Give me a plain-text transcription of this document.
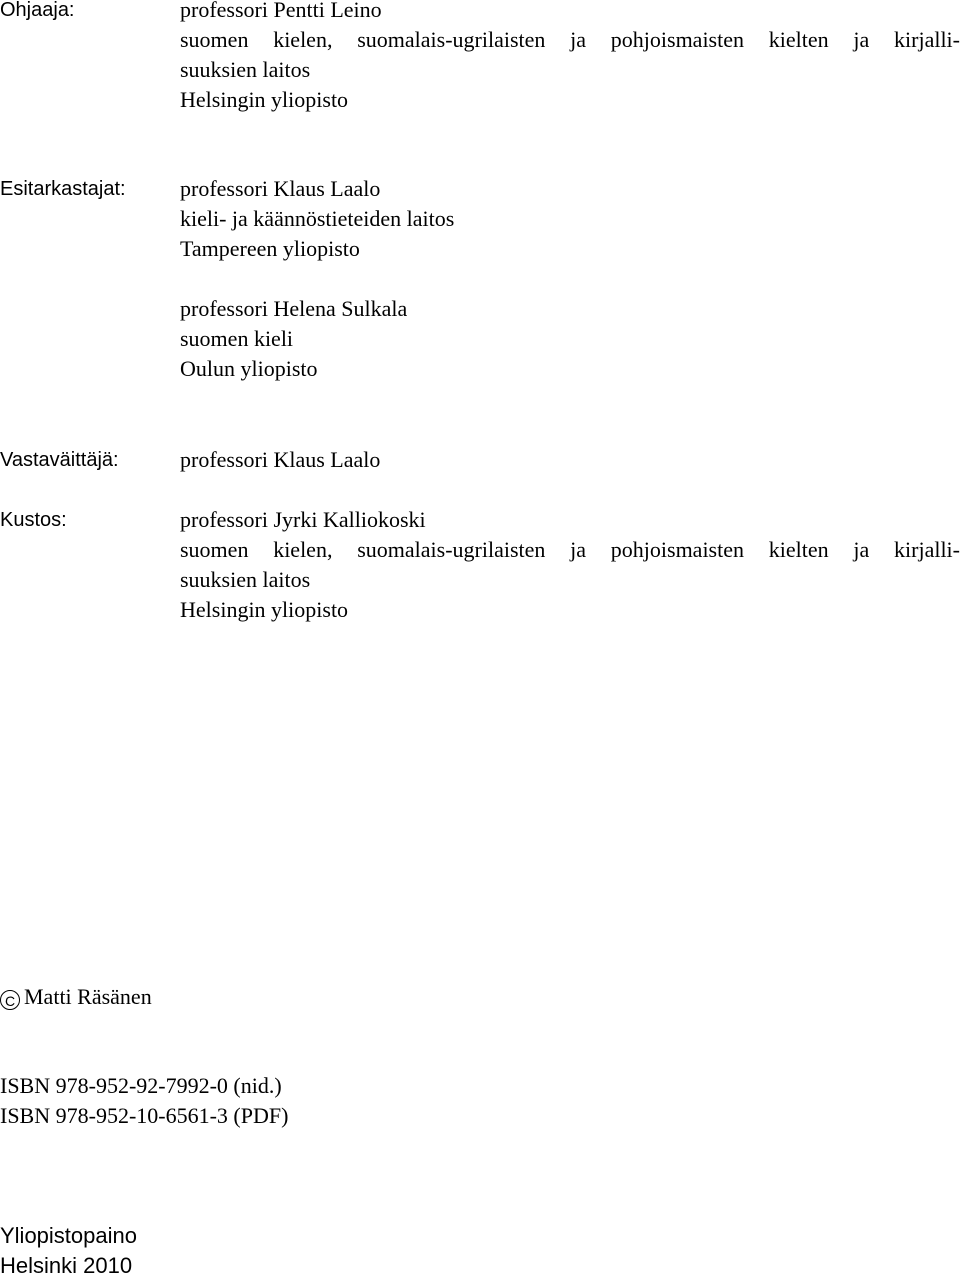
Ohjaaja:	professori Pentti Leino
suomen kielen, suomalais-ugrilaisten ja pohjoismaisten kielten ja kirjalli-
suuksien laitos
Helsingin yliopisto
Esitarkastajat: professori Klaus Laalo
kieli- ja käännöstieteiden laitos
Tampereen yliopisto
professori Helena Sulkala
suomen kieli
Oulun yliopisto
Vastaväittäjä:	professori Klaus Laalo
Kustos:	professori Jyrki Kalliokoski
suomen kielen, suomalais-ugrilaisten ja pohjoismaisten kielten ja kirjalli-
suuksien laitos
Helsingin yliopisto
C Matti Räsänen
ISBN 978-952-92-7992-0 (nid.)
ISBN 978-952-10-6561-3 (PDF)
Yliopistopaino
Helsinki 2010
